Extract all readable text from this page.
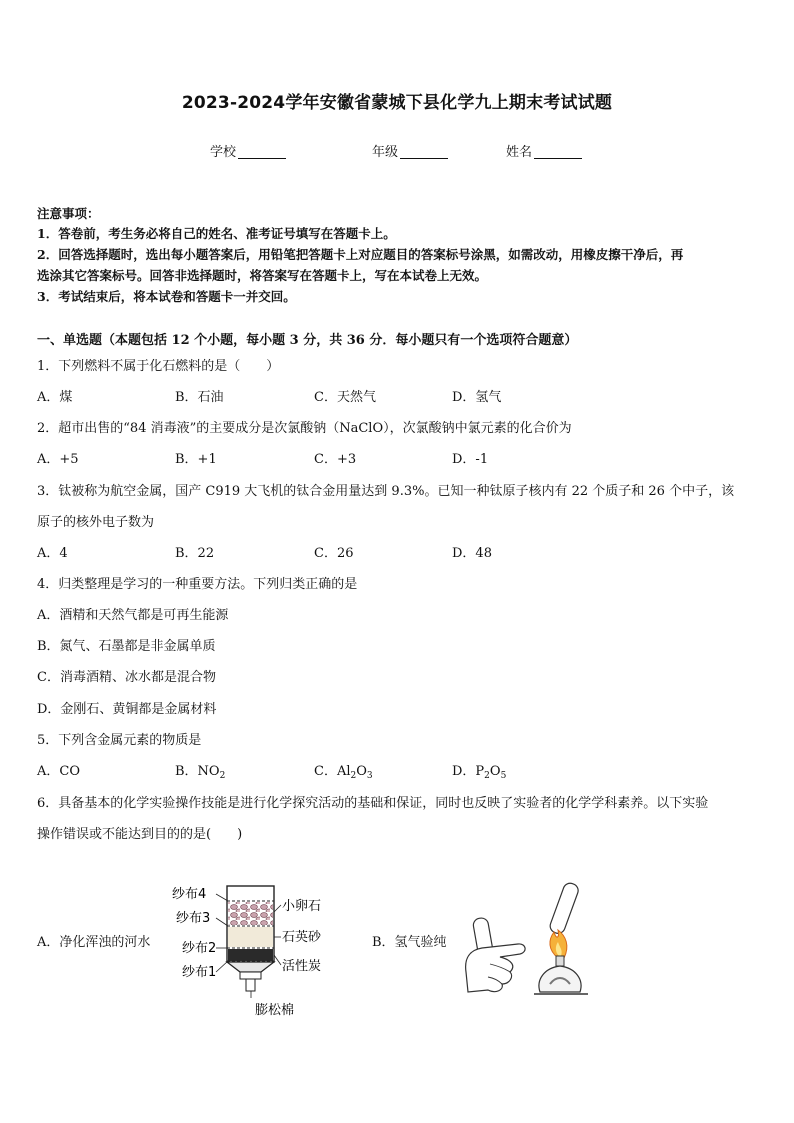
2023-2024学年安徽省蒙城下县化学九上期末考试试题
学校	年级	姓名
注意事项：
1．答卷前，考生务必将自己的姓名、准考证号填写在答题卡上。
2．回答选择题时，选出每小题答案后，用铅笔把答题卡上对应题目的答案标号涂黑，如需改动，用橡皮擦干净后，再
选涂其它答案标号。回答非选择题时，将答案写在答题卡上，写在本试卷上无效。
3．考试结束后，将本试卷和答题卡一并交回。
一、单选题（本题包括 12 个小题，每小题 3 分，共 36 分．每小题只有一个选项符合题意）
1．下列燃料不属于化石燃料的是（　　）
A．煤	B．石油	C．天然气	D．氢气
2．超市出售的“84 消毒液”的主要成分是次氯酸钠（NaClO），次氯酸钠中氯元素的化合价为
A．+5	B．+1	C．+3	D．-1
3．钛被称为航空金属，国产 C919 大飞机的钛合金用量达到 9.3%。已知一种钛原子核内有 22 个质子和 26 个中子，该
原子的核外电子数为
A．4	B．22	C．26	D．48
4．归类整理是学习的一种重要方法。下列归类正确的是
A．酒精和天然气都是可再生能源
B．氮气、石墨都是非金属单质
C．消毒酒精、冰水都是混合物
D．金刚石、黄铜都是金属材料
5．下列含金属元素的物质是
A．CO	B．$NO_2$	C．$Al_2O_3$	D．$P_2O_5$
6．具备基本的化学实验操作技能是进行化学探究活动的基础和保证，同时也反映了实验者的化学学科素养。以下实验
操作错误或不能达到目的的是(　　)
A．净化浑浊的河水	B．氢气验纯
纱布4
纱布3
纱布2
纱布1
小卵石
石英砂
活性炭
膨松棉
